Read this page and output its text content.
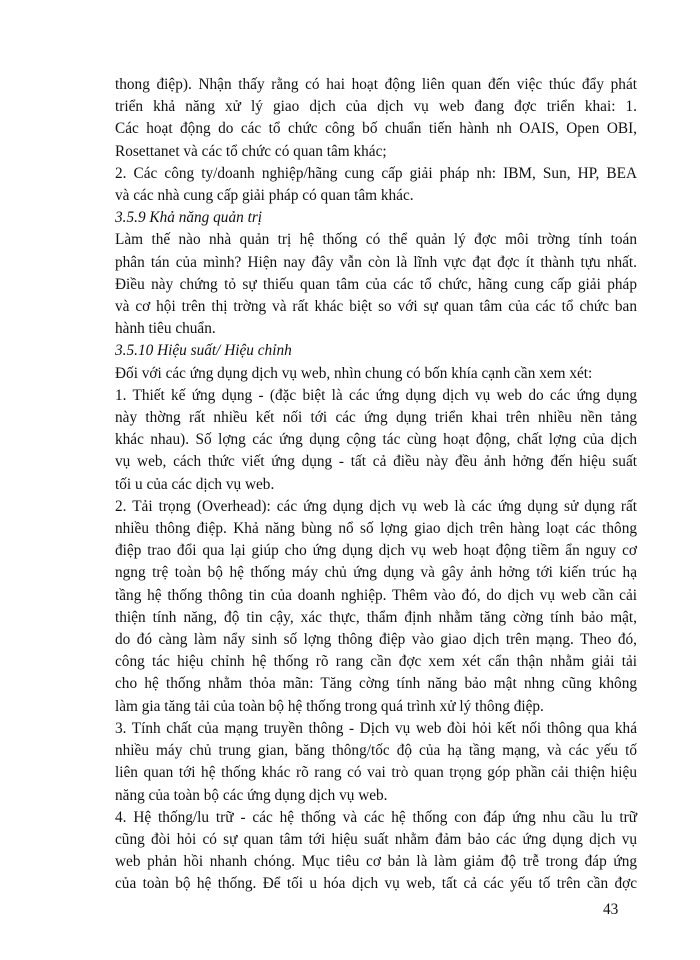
thong điệp). Nhận thấy rằng có hai hoạt động liên quan đến việc thúc đẩy phát
triển khả năng xử lý giao dịch của dịch vụ web đang đợc triển khai: 1.
Các hoạt động do các tổ chức công bố chuẩn tiến hành nh OAIS, Open OBI,
Rosettanet và các tổ chức có quan tâm khác;
2. Các công ty/doanh nghiệp/hãng cung cấp giải pháp nh: IBM, Sun, HP, BEA
và các nhà cung cấp giải pháp có quan tâm khác.
3.5.9 Khả năng quản trị
Làm thế nào nhà quản trị hệ thống có thể quản lý đợc môi trờng tính toán
phân tán của mình? Hiện nay đây vẫn còn là lĩnh vực đạt đợc ít thành tựu nhất.
Điều này chứng tỏ sự thiếu quan tâm của các tổ chức, hãng cung cấp giải pháp
và cơ hội trên thị trờng và rất khác biệt so với sự quan tâm của các tổ chức ban
hành tiêu chuẩn.
3.5.10 Hiệu suất/ Hiệu chỉnh
Đối với các ứng dụng dịch vụ web, nhìn chung có bốn khía cạnh cần xem xét:
1. Thiết kế ứng dụng - (đặc biệt là các ứng dụng dịch vụ web do các ứng dụng
này thờng rất nhiều kết nối tới các ứng dụng triển khai trên nhiều nền tảng
khác nhau). Số lợng các ứng dụng cộng tác cùng hoạt động, chất lợng của dịch
vụ web, cách thức viết ứng dụng - tất cả điều này đều ảnh hởng đến hiệu suất
tối u của các dịch vụ web.
2. Tải trọng (Overhead): các ứng dụng dịch vụ web là các ứng dụng sử dụng rất
nhiều thông điệp. Khả năng bùng nổ số lợng giao dịch trên hàng loạt các thông
điệp trao đổi qua lại giúp cho ứng dụng dịch vụ web hoạt động tiềm ẩn nguy cơ
ngng trệ toàn bộ hệ thống máy chủ ứng dụng và gây ảnh hởng tới kiến trúc hạ
tầng hệ thống thông tin của doanh nghiệp. Thêm vào đó, do dịch vụ web cần cải
thiện tính năng, độ tin cậy, xác thực, thẩm định nhằm tăng cờng tính bảo mật,
do đó càng làm nẩy sinh số lợng thông điệp vào giao dịch trên mạng. Theo đó,
công tác hiệu chỉnh hệ thống rõ rang cần đợc xem xét cẩn thận nhằm giải tải
cho hệ thống nhằm thỏa mãn: Tăng cờng tính năng bảo mật nhng cũng không
làm gia tăng tải của toàn bộ hệ thống trong quá trình xử lý thông điệp.
3. Tính chất của mạng truyền thông - Dịch vụ web đòi hỏi kết nối thông qua khá
nhiều máy chủ trung gian, băng thông/tốc độ của hạ tầng mạng, và các yếu tố
liên quan tới hệ thống khác rõ rang có vai trò quan trọng góp phần cải thiện hiệu
năng của toàn bộ các ứng dụng dịch vụ web.
4. Hệ thống/lu trữ - các hệ thống và các hệ thống con đáp ứng nhu cầu lu trữ
cũng đòi hỏi có sự quan tâm tới hiệu suất nhằm đảm bảo các ứng dụng dịch vụ
web phản hồi nhanh chóng. Mục tiêu cơ bản là làm giảm độ trễ trong đáp ứng
của toàn bộ hệ thống. Để tối u hóa dịch vụ web, tất cả các yếu tố trên cần đợc
43
